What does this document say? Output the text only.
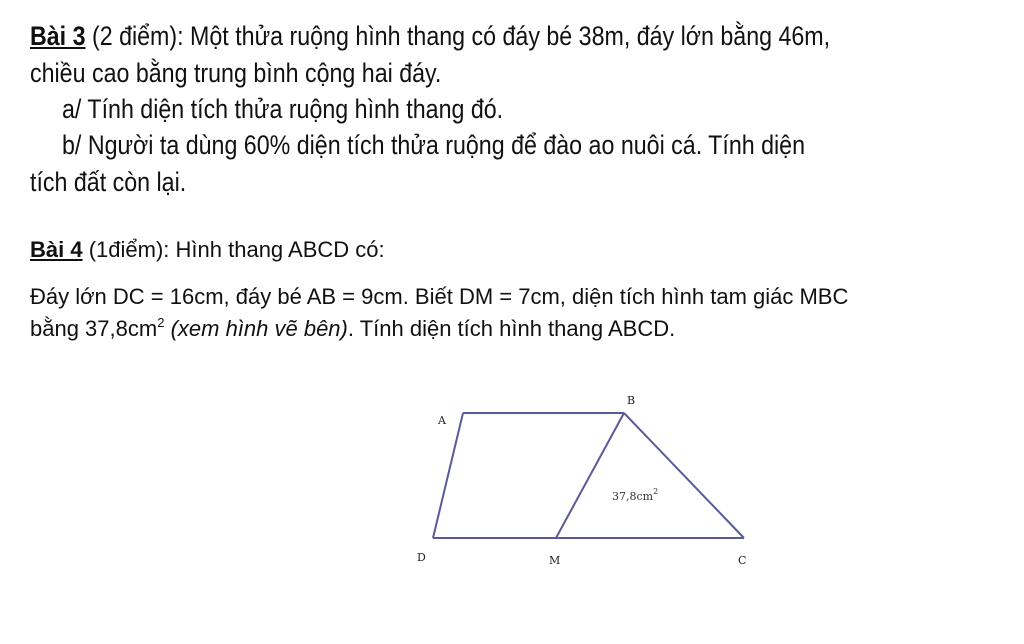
Bài 3 (2 điểm): Một thửa ruộng hình thang có đáy bé 38m, đáy lớn bằng 46m,
chiều cao bằng trung bình cộng hai đáy.
a/ Tính diện tích thửa ruộng hình thang đó.
b/ Người ta dùng 60% diện tích thửa ruộng để đào ao nuôi cá. Tính diện
tích đất còn lại.
Bài 4 (1điểm): Hình thang ABCD có:
Đáy lớn DC = 16cm, đáy bé AB = 9cm. Biết DM = 7cm, diện tích hình tam giác MBC
bằng $37,8cm^2$ (xem hình vẽ bên). Tính diện tích hình thang ABCD.
A
B
C
D	M
$37,8cm^2$
